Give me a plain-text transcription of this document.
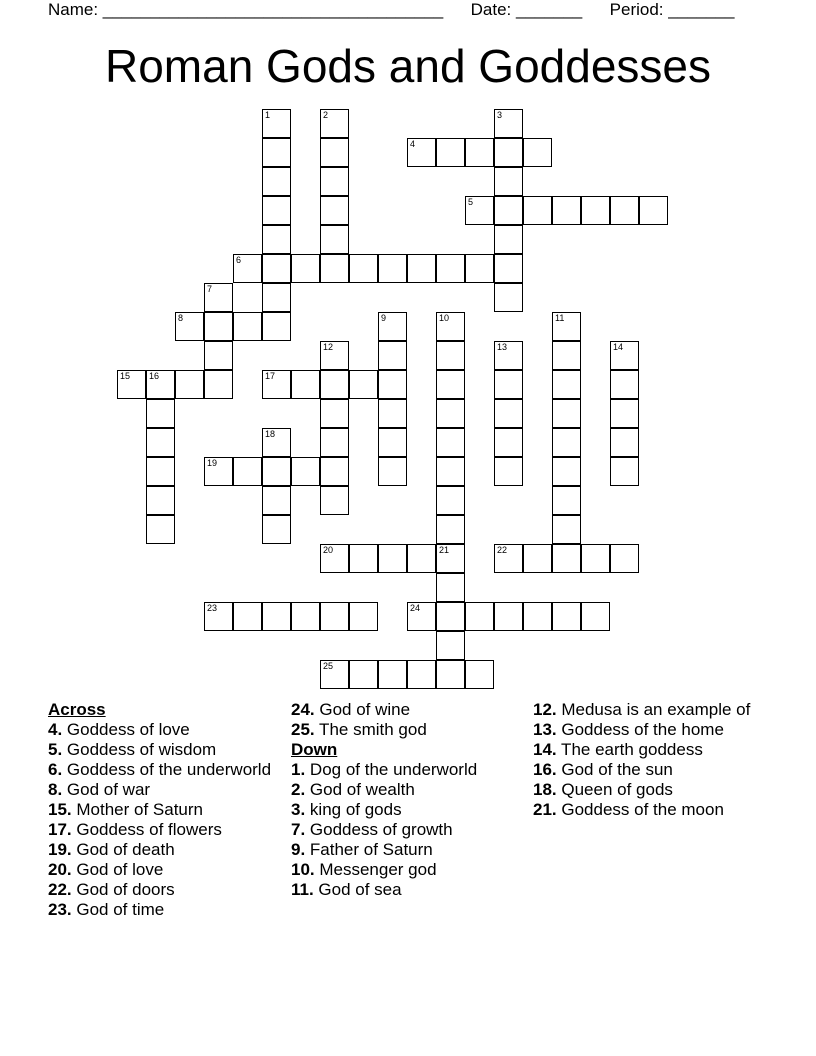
Name: ____________________________________ Date: _______ Period: _______
Roman Gods and Goddesses
4
5
6
8
15 16	17
19
20	21	22
23	24
25
1	2	3
7
9	10	11
12	13	14
18
Across
4. Goddess of love
5. Goddess of wisdom
6. Goddess of the underworld
8. God of war
15. Mother of Saturn
17. Goddess of flowers
19. God of death
20. God of love
22. God of doors
23. God of time
24. God of wine
25. The smith god
Down
1. Dog of the underworld
2. God of wealth
3. king of gods
7. Goddess of growth
9. Father of Saturn
10. Messenger god
11. God of sea
12. Medusa is an example of
13. Goddess of the home
14. The earth goddess
16. God of the sun
18. Queen of gods
21. Goddess of the moon
